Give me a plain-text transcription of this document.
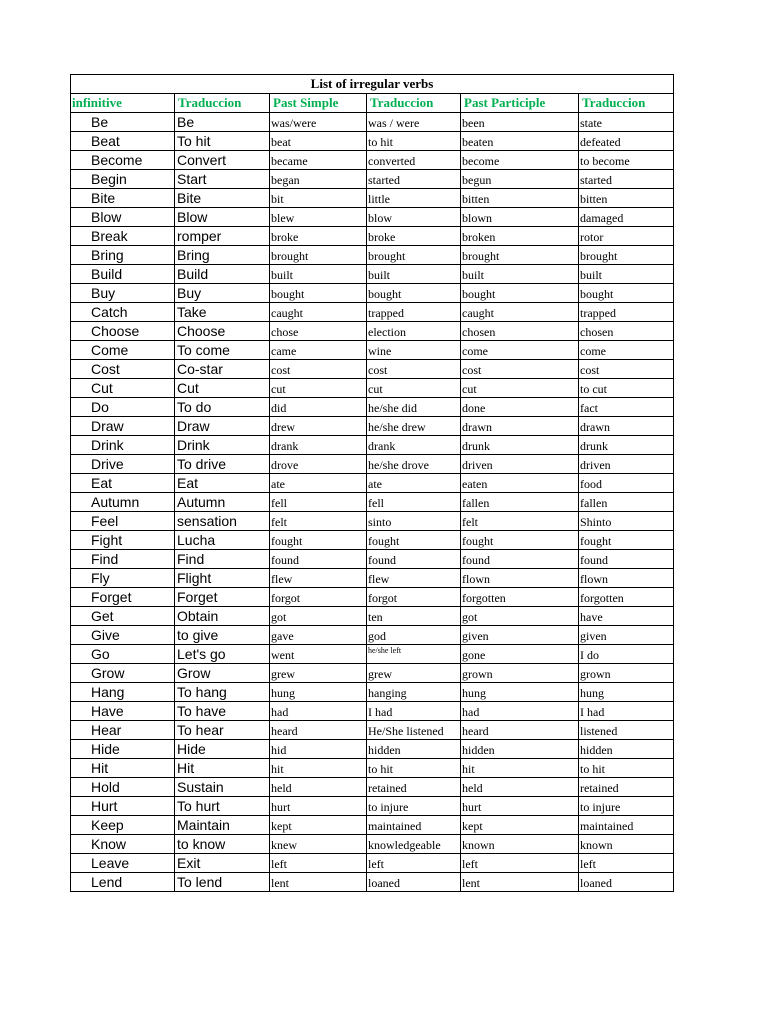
List of irregular verbs					
infinitive	Traduccion	Past Simple	Traduccion	Past Participle	Traduccion
Be	Be	was/were	was / were	been	state
Beat	To hit	beat	to hit	beaten	defeated
Become	Convert	became	converted	become	to become
Begin	Start	began	started	begun	started
Bite	Bite	bit	little	bitten	bitten
Blow	Blow	blew	blow	blown	damaged
Break	romper	broke	broke	broken	rotor
Bring	Bring	brought	brought	brought	brought
Build	Build	built	built	built	built
Buy	Buy	bought	bought	bought	bought
Catch	Take	caught	trapped	caught	trapped
Choose	Choose	chose	election	chosen	chosen
Come	To come	came	wine	come	come
Cost	Co-star	cost	cost	cost	cost
Cut	Cut	cut	cut	cut	to cut
Do	To do	did	he/she did	done	fact
Draw	Draw	drew	he/she drew	drawn	drawn
Drink	Drink	drank	drank	drunk	drunk
Drive	To drive	drove	he/she drove	driven	driven
Eat	Eat	ate	ate	eaten	food
Autumn	Autumn	fell	fell	fallen	fallen
Feel	sensation	felt	sinto	felt	Shinto
Fight	Lucha	fought	fought	fought	fought
Find	Find	found	found	found	found
Fly	Flight	flew	flew	flown	flown
Forget	Forget	forgot	forgot	forgotten	forgotten
Get	Obtain	got	ten	got	have
Give	to give	gave	god	given	given
Go	Let's go	went	he/she left	gone	I do
Grow	Grow	grew	grew	grown	grown
Hang	To hang	hung	hanging	hung	hung
Have	To have	had	I had	had	I had
Hear	To hear	heard	He/She listened	heard	listened
Hide	Hide	hid	hidden	hidden	hidden
Hit	Hit	hit	to hit	hit	to hit
Hold	Sustain	held	retained	held	retained
Hurt	To hurt	hurt	to injure	hurt	to injure
Keep	Maintain	kept	maintained	kept	maintained
Know	to know	knew	knowledgeable	known	known
Leave	Exit	left	left	left	left
Lend	To lend	lent	loaned	lent	loaned
